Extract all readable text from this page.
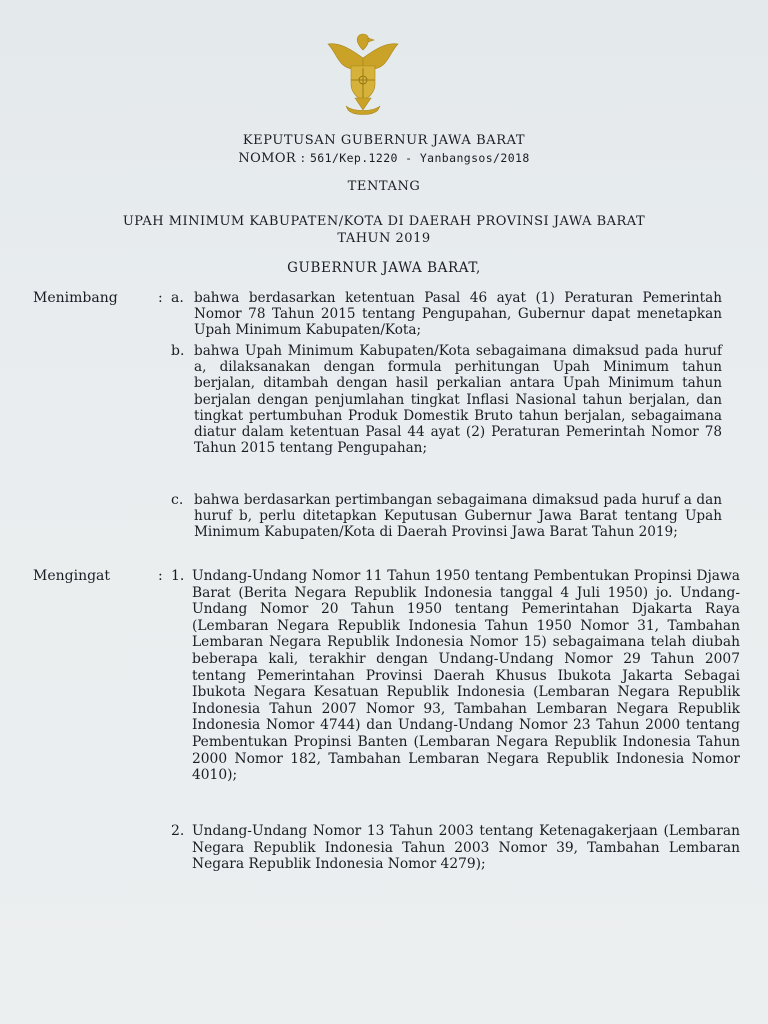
KEPUTUSAN GUBERNUR JAWA BARAT
NOMOR : 561/Kep.1220 - Yanbangsos/2018
TENTANG
UPAH MINIMUM KABUPATEN/KOTA DI DAERAH PROVINSI JAWA BARAT
TAHUN 2019
GUBERNUR JAWA BARAT,
Menimbang	: a. bahwa berdasarkan ketentuan Pasal 46 ayat (1) Peraturan Pemerintah Nomor 78 Tahun 2015 tentang Pengupahan, Gubernur dapat menetapkan Upah Minimum Kabupaten/Kota;
b. bahwa Upah Minimum Kabupaten/Kota sebagaimana dimaksud pada huruf a, dilaksanakan dengan formula perhitungan Upah Minimum tahun berjalan, ditambah dengan hasil perkalian antara Upah Minimum tahun berjalan dengan penjumlahan tingkat Inflasi Nasional tahun berjalan, dan tingkat pertumbuhan Produk Domestik Bruto tahun berjalan, sebagaimana diatur dalam ketentuan Pasal 44 ayat (2) Peraturan Pemerintah Nomor 78 Tahun 2015 tentang Pengupahan;
c. bahwa berdasarkan pertimbangan sebagaimana dimaksud pada huruf a dan huruf b, perlu ditetapkan Keputusan Gubernur Jawa Barat tentang Upah Minimum Kabupaten/Kota di Daerah Provinsi Jawa Barat Tahun 2019;
Mengingat	: 1. Undang-Undang Nomor 11 Tahun 1950 tentang Pembentukan Propinsi Djawa Barat (Berita Negara Republik Indonesia tanggal 4 Juli 1950) jo. Undang-Undang Nomor 20 Tahun 1950 tentang Pemerintahan Djakarta Raya (Lembaran Negara Republik Indonesia Tahun 1950 Nomor 31, Tambahan Lembaran Negara Republik Indonesia Nomor 15) sebagaimana telah diubah beberapa kali, terakhir dengan Undang-Undang Nomor 29 Tahun 2007 tentang Pemerintahan Provinsi Daerah Khusus Ibukota Jakarta Sebagai Ibukota Negara Kesatuan Republik Indonesia (Lembaran Negara Republik Indonesia Tahun 2007 Nomor 93, Tambahan Lembaran Negara Republik Indonesia Nomor 4744) dan Undang-Undang Nomor 23 Tahun 2000 tentang Pembentukan Propinsi Banten (Lembaran Negara Republik Indonesia Tahun 2000 Nomor 182, Tambahan Lembaran Negara Republik Indonesia Nomor 4010);
2. Undang-Undang Nomor 13 Tahun 2003 tentang Ketenagakerjaan (Lembaran Negara Republik Indonesia Tahun 2003 Nomor 39, Tambahan Lembaran Negara Republik Indonesia Nomor 4279);
